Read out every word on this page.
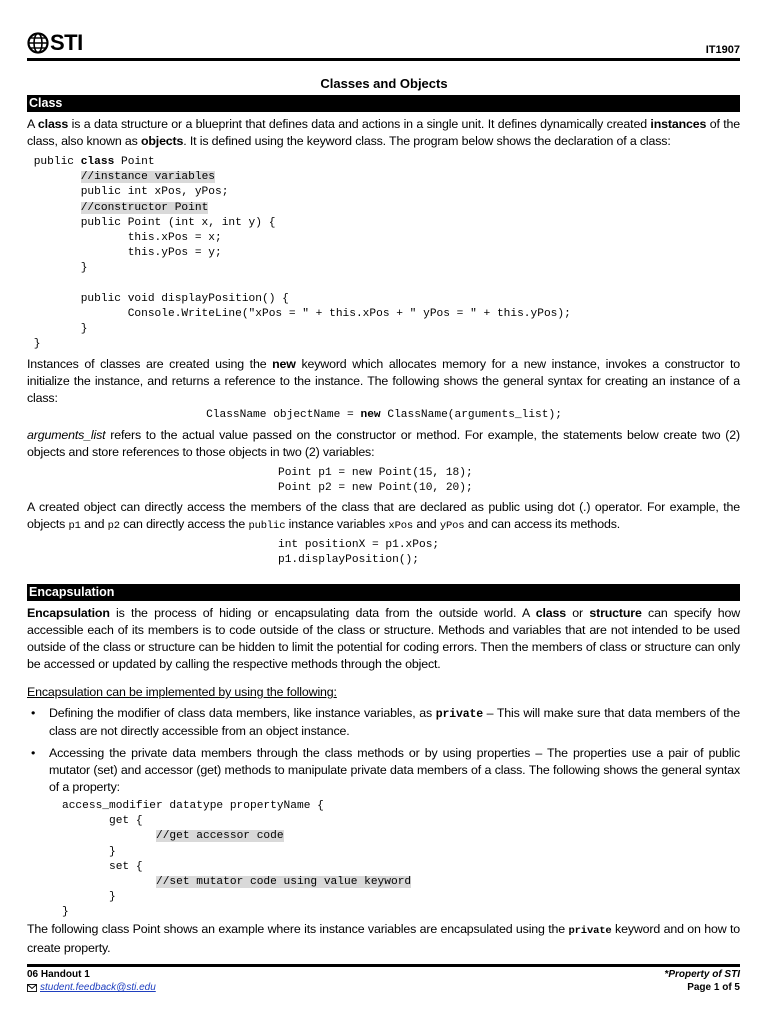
STI	IT1907
Classes and Objects
Class
A class is a data structure or a blueprint that defines data and actions in a single unit. It defines dynamically created instances of the class, also known as objects. It is defined using the keyword class. The program below shows the declaration of a class:
public class Point
//instance variables
public int xPos, yPos;
//constructor Point
public Point (int x, int y) {
this.xPos = x;
this.yPos = y;
}

public void displayPosition() {
Console.WriteLine("xPos = " + this.xPos + " yPos = " + this.yPos);
}
}
Instances of classes are created using the new keyword which allocates memory for a new instance, invokes a constructor to initialize the instance, and returns a reference to the instance. The following shows the general syntax for creating an instance of a class:
ClassName objectName = new ClassName(arguments_list);
arguments_list refers to the actual value passed on the constructor or method. For example, the statements below create two (2) objects and store references to those objects in two (2) variables:
Point p1 = new Point(15, 18);
Point p2 = new Point(10, 20);
A created object can directly access the members of the class that are declared as public using dot (.) operator. For example, the objects p1 and p2 can directly access the public instance variables xPos and yPos and can access its methods.
int positionX = p1.xPos;
p1.displayPosition();
Encapsulation
Encapsulation is the process of hiding or encapsulating data from the outside world. A class or structure can specify how accessible each of its members is to code outside of the class or structure. Methods and variables that are not intended to be used outside of the class or structure can be hidden to limit the potential for coding errors. Then the members of class or structure can only be accessed or updated by calling the respective methods through the object.
Encapsulation can be implemented by using the following:
• Defining the modifier of class data members, like instance variables, as private – This will make sure that data members of the class are not directly accessible from an object instance.
• Accessing the private data members through the class methods or by using properties – The properties use a pair of public mutator (set) and accessor (get) methods to manipulate private data members of a class. The following shows the general syntax of a property:
access_modifier datatype propertyName {
get {
//get accessor code
}
set {
//set mutator code using value keyword
}
}
The following class Point shows an example where its instance variables are encapsulated using the private keyword and on how to create property.
06 Handout 1
student.feedback@sti.edu
*Property of STI
Page 1 of 5
